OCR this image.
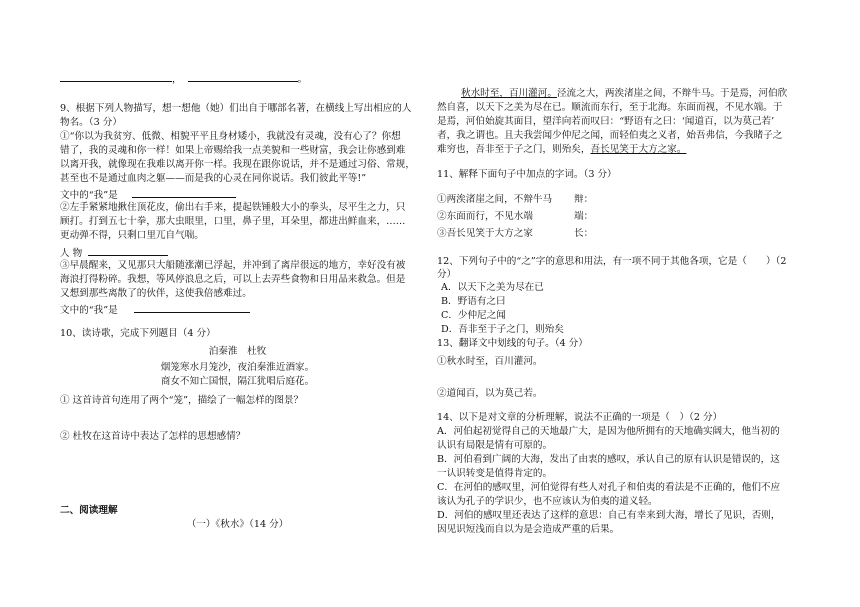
，	。
9、根据下列人物描写，想一想他（她）们出自于哪部名著，在横线上写出相应的人
物名。（3 分）
①“你以为我贫穷、低微、相貌平平且身材矮小，我就没有灵魂，没有心了？你想
错了，我的灵魂和你一样！如果上帝赐给我一点美貌和一些财富，我会让你感到难
以离开我，就像现在我难以离开你一样。我现在跟你说话，并不是通过习俗、常规，
甚至也不是通过血肉之躯——而是我的心灵在同你说话。我们彼此平等!”
文中的“我”是
②左手紧紧地揪住顶花皮，偷出右手来，提起铁锤般大小的拳头，尽平生之力，只
顾打。打到五七十拳，那大虫眼里，口里，鼻子里，耳朵里，都进出鲜血来，……
更动弹不得，只剩口里兀自气喘。
人 物
③早晨醒来，又见那只大船随涨潮已浮起，并冲到了离岸很远的地方，幸好没有被
海浪打得粉碎。我想，等风停浪息之后，可以上去弄些食物和日用品来救急。但是
又想到那些离散了的伙伴，这使我倍感难过。
文中的“我”是
10、读诗歌，完成下列题目（4 分）
泊秦淮　杜牧
烟笼寒水月笼沙，夜泊秦淮近酒家。
商女不知亡国恨，隔江犹唱后庭花。
① 这首诗首句连用了两个“笼”，描绘了一幅怎样的图景？
② 杜牧在这首诗中表达了怎样的思想感情？
二、阅读理解
（一）《秋水》（14 分）
秋水时至，百川灌河。泾流之大，两涘渚崖之间，不辩牛马。于是焉，河伯欣
然自喜，以天下之美为尽在已。顺流而东行，至于北海。东面而视，不见水端。于
是焉，河伯始旋其面目，望洋向若而叹曰：“野语有之曰：‘闻道百，以为莫己若’
者，我之谓也。且夫我尝闻少仲尼之闻，而轻伯夷之义者，始吾弗信，今我睹子之
难穷也，吾非至于子之门，则殆矣，吾长见笑于大方之家。
11、解释下面句子中加点的字词。（3 分）
①两涘渚崖之间，不辩牛马 辩：
②东面而行，不见水端	端：
③吾长见笑于大方之家	长：
12、下列句子中的“之”字的意思和用法，有一项不同于其他各项，它是（　　）（2
分）
A．以天下之美为尽在已
B．野语有之曰
C．少仲尼之闻
D．吾非至于子之门，则殆矣
13、翻译文中划线的句子。（4 分）
①秋水时至，百川灌河。
②道闻百，以为莫己若。
14、以下是对文章的分析理解，说法不正确的一项是（　）（2 分）
A．河伯起初觉得自己的天地最广大，是因为他所拥有的天地确实阔大，他当初的
认识有局限是情有可原的。
B．河伯看到广阔的大海，发出了由衷的感叹，承认自己的原有认识是错误的，这
一认识转变是值得肯定的。
C．在河伯的感叹里，河伯觉得有些人对孔子和伯夷的看法是不正确的，他们不应
该认为孔子的学识少，也不应该认为伯夷的道义轻。
D．河伯的感叹里还表达了这样的意思：自己有幸来到大海，增长了见识，否则，
因见识短浅而自以为是会造成严重的后果。
